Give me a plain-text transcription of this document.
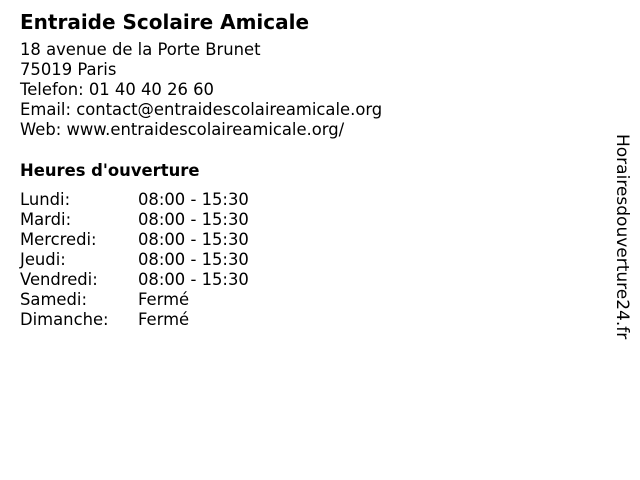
Entraide Scolaire Amicale
18 avenue de la Porte Brunet
75019 Paris
Telefon: 01 40 40 26 60
Email: contact@entraidescolaireamicale.org
Web: www.entraidescolaireamicale.org/
Heures d'ouverture
Lundi:	08:00 - 15:30
Mardi:	08:00 - 15:30
Mercredi:	08:00 - 15:30
Jeudi:	08:00 - 15:30
Vendredi:	08:00 - 15:30
Samedi:	Fermé
Dimanche:	Fermé	Horairesdouverture24.fr
